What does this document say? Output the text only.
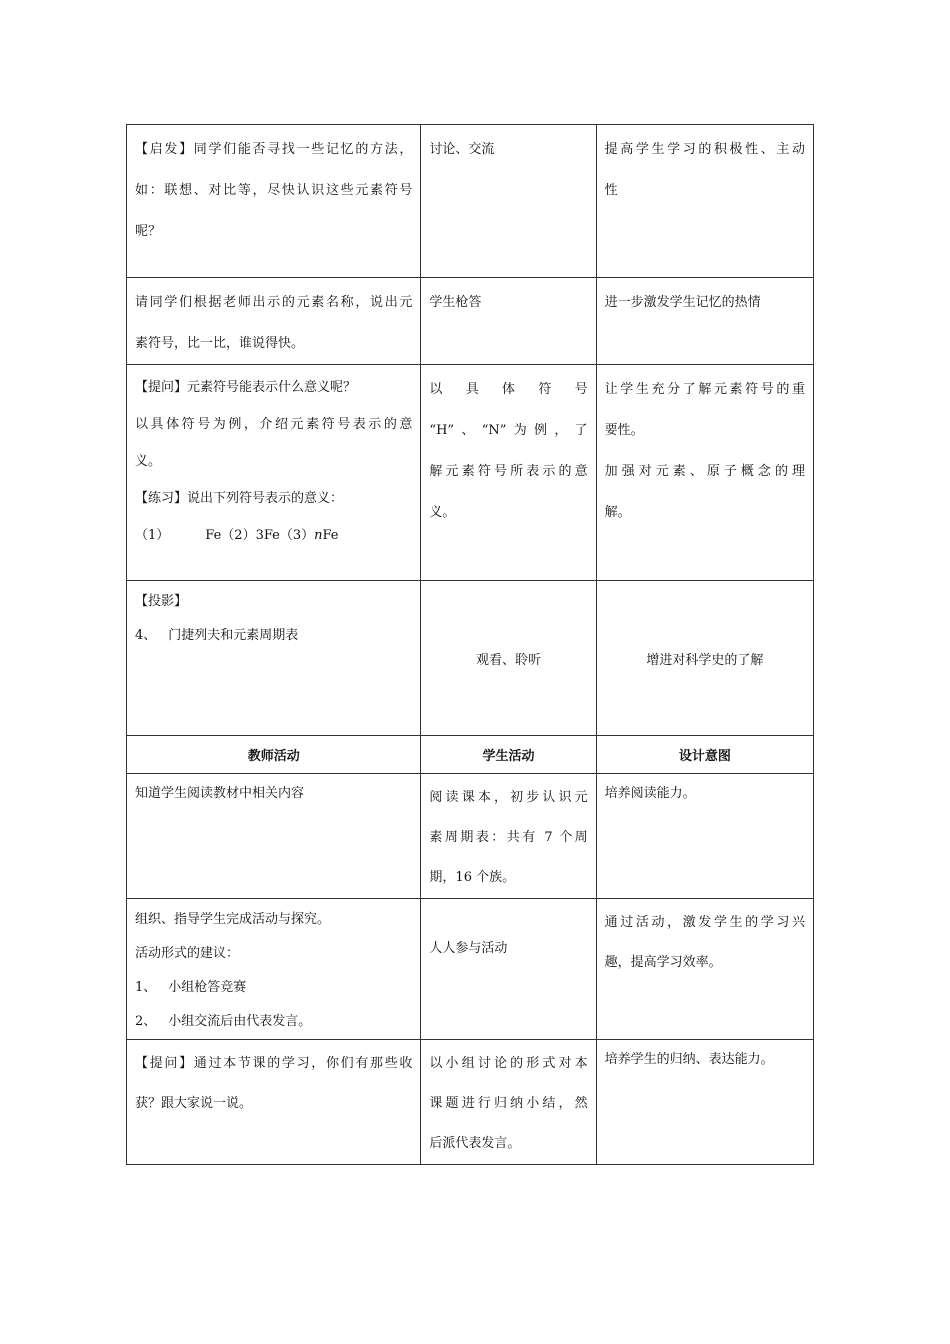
【启发】同学们能否寻找一些记忆的方法，
如：联想、对比等，尽快认识这些元素符号
呢？	讨论、交流	提高学生学习的积极性、主动
性

请同学们根据老师出示的元素名称，说出元
素符号，比一比，谁说得快。	学生枪答	进一步激发学生记忆的热情

【提问】元素符号能表示什么意义呢？
以具体符号为例，介绍元素符号表示的意
义。
【练习】说出下列符号表示的意义：
（1） Fe（2）3Fe（3）nFe	以　具　体　符　号
“H”、“N”为例，了
解元素符号所表示的意
义。	让学生充分了解元素符号的重
要性。
加强对元素、原子概念的理
解。

【投影】
4、 门捷列夫和元素周期表	观看、聆听	增进对科学史的了解
教师活动	学生活动	设计意图

知道学生阅读教材中相关内容	阅读课本，初步认识元
素周期表：共有 7 个周
期，16 个族。	培养阅读能力。

组织、指导学生完成活动与探究。
活动形式的建议：
1、 小组枪答竞赛
2、 小组交流后由代表发言。	人人参与活动	通过活动，激发学生的学习兴
趣，提高学习效率。

【提问】通过本节课的学习，你们有那些收
获？跟大家说一说。	以小组讨论的形式对本
课题进行归纳小结，然
后派代表发言。	培养学生的归纳、表达能力。
